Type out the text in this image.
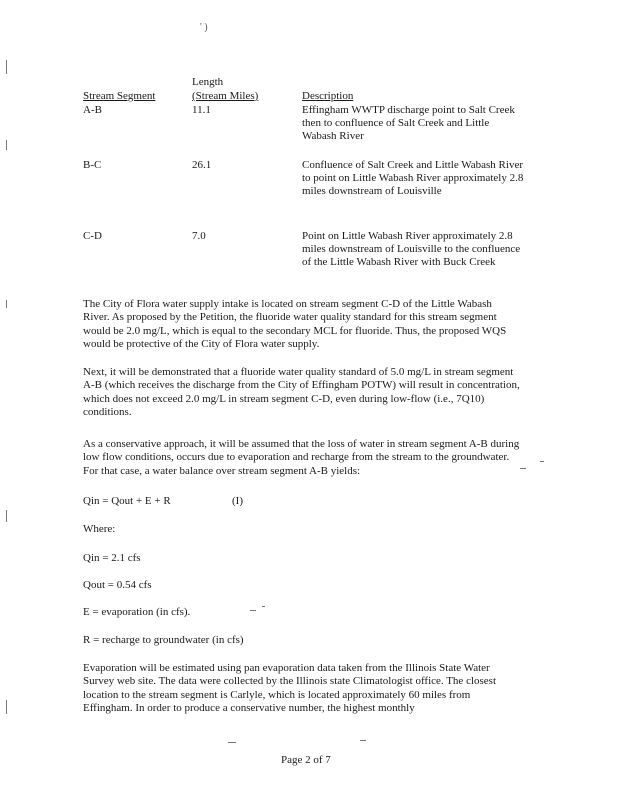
' )
Length
Stream Segment	(Stream Miles)	Description
A-B	11.1	Effingham WWTP discharge point to Salt Creek then to confluence of Salt Creek and Little Wabash River
B-C	26.1	Confluence of Salt Creek and Little Wabash River to point on Little Wabash River approximately 2.8 miles downstream of Louisville
C-D	7.0	Point on Little Wabash River approximately 2.8 miles downstream of Louisville to the confluence of the Little Wabash River with Buck Creek
The City of Flora water supply intake is located on stream segment C-D of the Little Wabash River. As proposed by the Petition, the fluoride water quality standard for this stream segment would be 2.0 mg/L, which is equal to the secondary MCL for fluoride. Thus, the proposed WQS would be protective of the City of Flora water supply.
Next, it will be demonstrated that a fluoride water quality standard of 5.0 mg/L in stream segment A-B (which receives the discharge from the City of Effingham POTW) will result in concentration, which does not exceed 2.0 mg/L in stream segment C-D, even during low-flow (i.e., 7Q10) conditions.
As a conservative approach, it will be assumed that the loss of water in stream segment A-B during low flow conditions, occurs due to evaporation and recharge from the stream to the groundwater. For that case, a water balance over stream segment A-B yields:
Qin = Qout + E + R	(I)
Where:
Qin = 2.1 cfs
Qout = 0.54 cfs
E = evaporation (in cfs).
R = recharge to groundwater (in cfs)
Evaporation will be estimated using pan evaporation data taken from the Illinois State Water Survey web site. The data were collected by the Illinois state Climatologist office. The closest location to the stream segment is Carlyle, which is located approximately 60 miles from Effingham. In order to produce a conservative number, the highest monthly
Page 2 of 7
